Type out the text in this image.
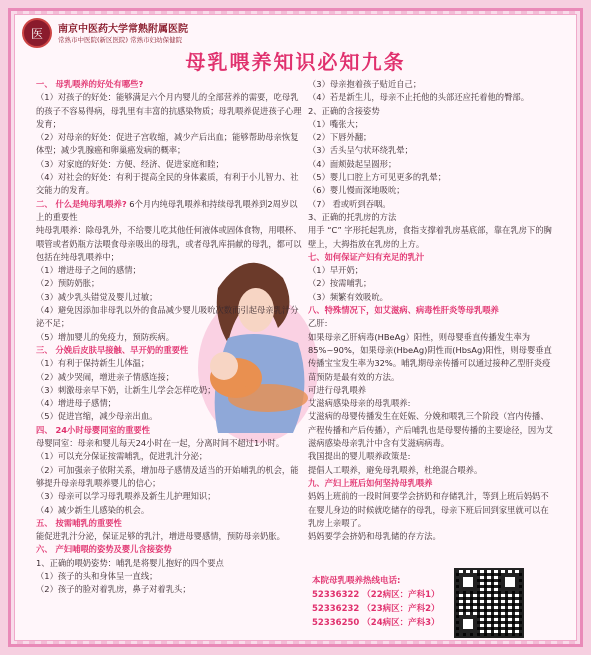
医	南京中医药大学常熟附属医院
常熟市中医院(新区医院) 常熟市妇幼保健院
母乳喂养知识必知九条
一、 母乳喂养的好处有哪些?
（1）对孩子的好处：能够满足六个月内婴儿的全部营养的需要，吃母乳的孩子不容易得病，母乳里有丰富的抗感染物质；母乳喂养促进孩子心理发育；
（2）对母亲的好处：促进子宫收缩，减少产后出血；能够帮助母亲恢复体型；减少乳腺癌和卵巢癌发病的概率；
（3）对家庭的好处：方便、经济、促进家庭和睦；
（4）对社会的好处：有利于提高全民的身体素质，有利于小儿智力、社交能力的发育。
二、 什么是纯母乳喂养? 6个月内纯母乳喂养和持续母乳喂养到2周岁以上的重要性
纯母乳喂养：除母乳外，不给婴儿吃其他任何液体或固体食物，用喂杯、喂管或者奶瓶方法喂食母亲吸出的母乳，或者母乳库捐献的母乳，都可以包括在纯母乳喂养中；
（1）增进母子之间的感情；
（2）预防奶胀；
（3）减少乳头错觉及婴儿过敏；
（4）避免因添加非母乳以外的食品减少婴儿吸吮次数而引起母亲乳汁分泌不足；
（5）增加婴儿的免疫力，预防疾病。
三、 分娩后皮肤早接触、早开奶的重要性
（1）有利于保持新生儿体温；
（2）减少哭闹，增进亲子情感连接；
（3）刺激母亲早下奶，让新生儿学会怎样吃奶；
（4）增进母子感情；
（5）促进宫缩，减少母亲出血。
四、 24小时母婴同室的重要性
母婴同室：母亲和婴儿每天24小时在一起，分离时间不超过1小时。
（1）可以充分保证按需哺乳，促进乳汁分泌；
（2）可加强亲子依附关系，增加母子感情及适当的开始哺乳的机会，能够提升母亲母乳喂养婴儿的信心；
（3）母亲可以学习母乳喂养及新生儿护理知识；
（4）减少新生儿感染的机会。
五、 按需哺乳的重要性
能促进乳汁分泌，保证足够的乳汁，增进母婴感情，预防母亲奶胀。
六、 产妇哺喂的姿势及婴儿含接姿势
1、正确的喂奶姿势：哺乳是将婴儿抱好的四个要点
（1）孩子的头和身体呈一直线；
（2）孩子的脸对着乳房，鼻子对着乳头；
（3）母亲抱着孩子贴近自己；
（4）若是新生儿，母亲不止托他的头部还应托着他的臀部。
2、正确的含接姿势
（1）嘴张大；
（2）下唇外翻；
（3）舌头呈勺状环绕乳晕；
（4）面颊鼓起呈圆形；
（5）婴儿口腔上方可见更多的乳晕；
（6）婴儿慢而深地吸吮；
（7） 看或听到吞咽。
3、正确的托乳房的方法
用手 “C” 字形托起乳房，食指支撑着乳房基底部，靠在乳房下的胸壁上，大拇指放在乳房的上方。
七、如何保证产妇有充足的乳汁
（1）早开奶；
（2）按需哺乳；
（3）频繁有效吸吮。
八、特殊情况下，如艾滋病、病毒性肝炎等母乳喂养
乙肝:
如果母亲乙肝病毒(HBeAg）阳性，则母婴垂直传播发生率为85%~90%，如果母亲(HbeAg)阴性而(HbsAg)阳性，则母婴垂直传播宝宝发生率为32%。哺乳期母亲传播可以通过接种乙型肝炎疫苗预防是最有效的方法。
可进行母乳喂养
艾滋病感染母亲的母乳喂养:
艾滋病的母婴传播发生在妊娠、分娩和喂乳三个阶段（宫内传播、产程传播和产后传播），产后哺乳也是母婴传播的主要途径，因为艾滋病感染母亲乳汁中含有艾滋病病毒。
我国提出的婴儿喂养政策是:
提倡人工喂养，避免母乳喂养，杜绝混合喂养。
九、产妇上班后如何坚持母乳喂养
妈妈上班前的一段时间要学会挤奶和存储乳汁，等到上班后妈妈不在婴儿身边的时候就吃储存的母乳，母亲下班后回到家里就可以在乳房上亲喂了。
妈妈要学会挤奶和母乳储的存方法。
本院母乳喂养热线电话:
52336322 （22病区：产科1）
52336232 （23病区：产科2）
52336250 （24病区：产科3）
